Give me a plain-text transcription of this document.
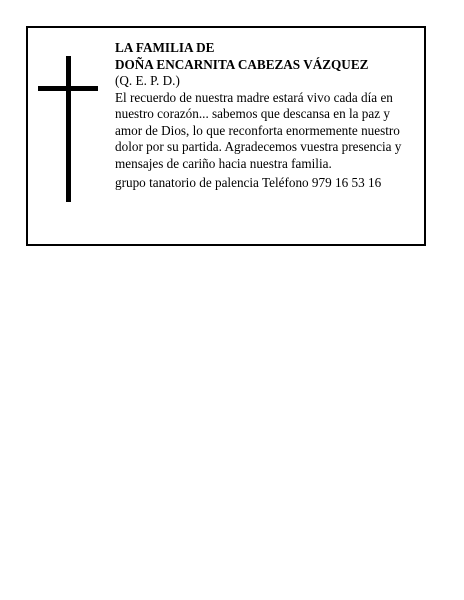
LA FAMILIA DE

DOÑA ENCARNITA CABEZAS VÁZQUEZ

(Q. E. P. D.)

El recuerdo de nuestra madre estará vivo cada día en nuestro corazón... sabemos que descansa en la paz y amor de Dios, lo que reconforta enormemente nuestro dolor por su partida. Agradecemos vuestra presencia y mensajes de cariño hacia nuestra familia.

grupo tanatorio de palencia Teléfono 979 16 53 16
